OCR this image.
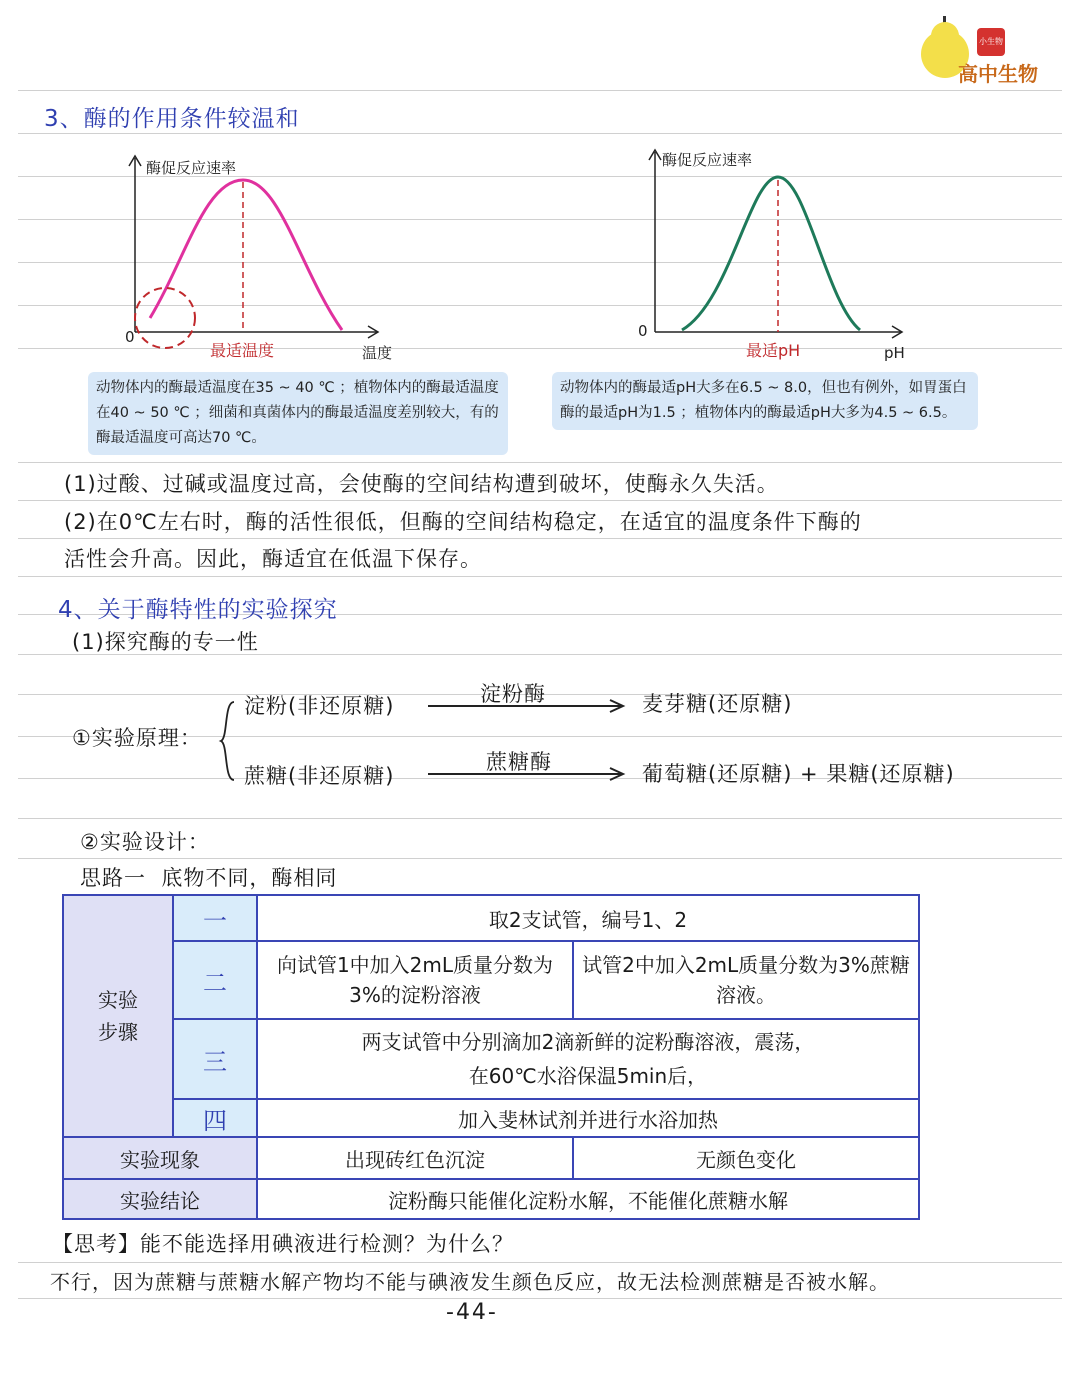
小生物
高中生物
3、酶的作用条件较温和
酶促反应速率
0
最适温度	温度
酶促反应速率
0
最适pH	pH
动物体内的酶最适温度在35 ~ 40 ℃ ；植物体内的酶最适温度在40 ~ 50 ℃ ；细菌和真菌体内的酶最适温度差别较大，有的酶最适温度可高达70 ℃。
动物体内的酶最适pH大多在6.5 ~ 8.0，但也有例外，如胃蛋白酶的最适pH为1.5 ；植物体内的酶最适pH大多为4.5 ~ 6.5。
(1)过酸、过碱或温度过高，会使酶的空间结构遭到破坏，使酶永久失活。
(2)在0℃左右时，酶的活性很低，但酶的空间结构稳定，在适宜的温度条件下酶的
活性会升高。因此，酶适宜在低温下保存。
4、关于酶特性的实验探究
(1)探究酶的专一性
①实验原理：
淀粉(非还原糖)	淀粉酶	麦芽糖(还原糖)
蔗糖(非还原糖)
蔗糖酶	葡萄糖(还原糖) + 果糖(还原糖)
②实验设计：
思路一  底物不同，酶相同
实验
步骤	一	取2支试管，编号1、2	
	二	向试管1中加入2mL质量分数为3%的淀粉溶液	试管2中加入2mL质量分数为3%蔗糖溶液。
	三	两支试管中分别滴加2滴新鲜的淀粉酶溶液，震荡，
在60℃水浴保温5min后，	

	四	加入斐林试剂并进行水浴加热	
实验现象		出现砖红色沉淀	无颜色变化
实验结论		淀粉酶只能催化淀粉水解，不能催化蔗糖水解	
【思考】能不能选择用碘液进行检测？为什么？
不行，因为蔗糖与蔗糖水解产物均不能与碘液发生颜色反应，故无法检测蔗糖是否被水解。
-44-
